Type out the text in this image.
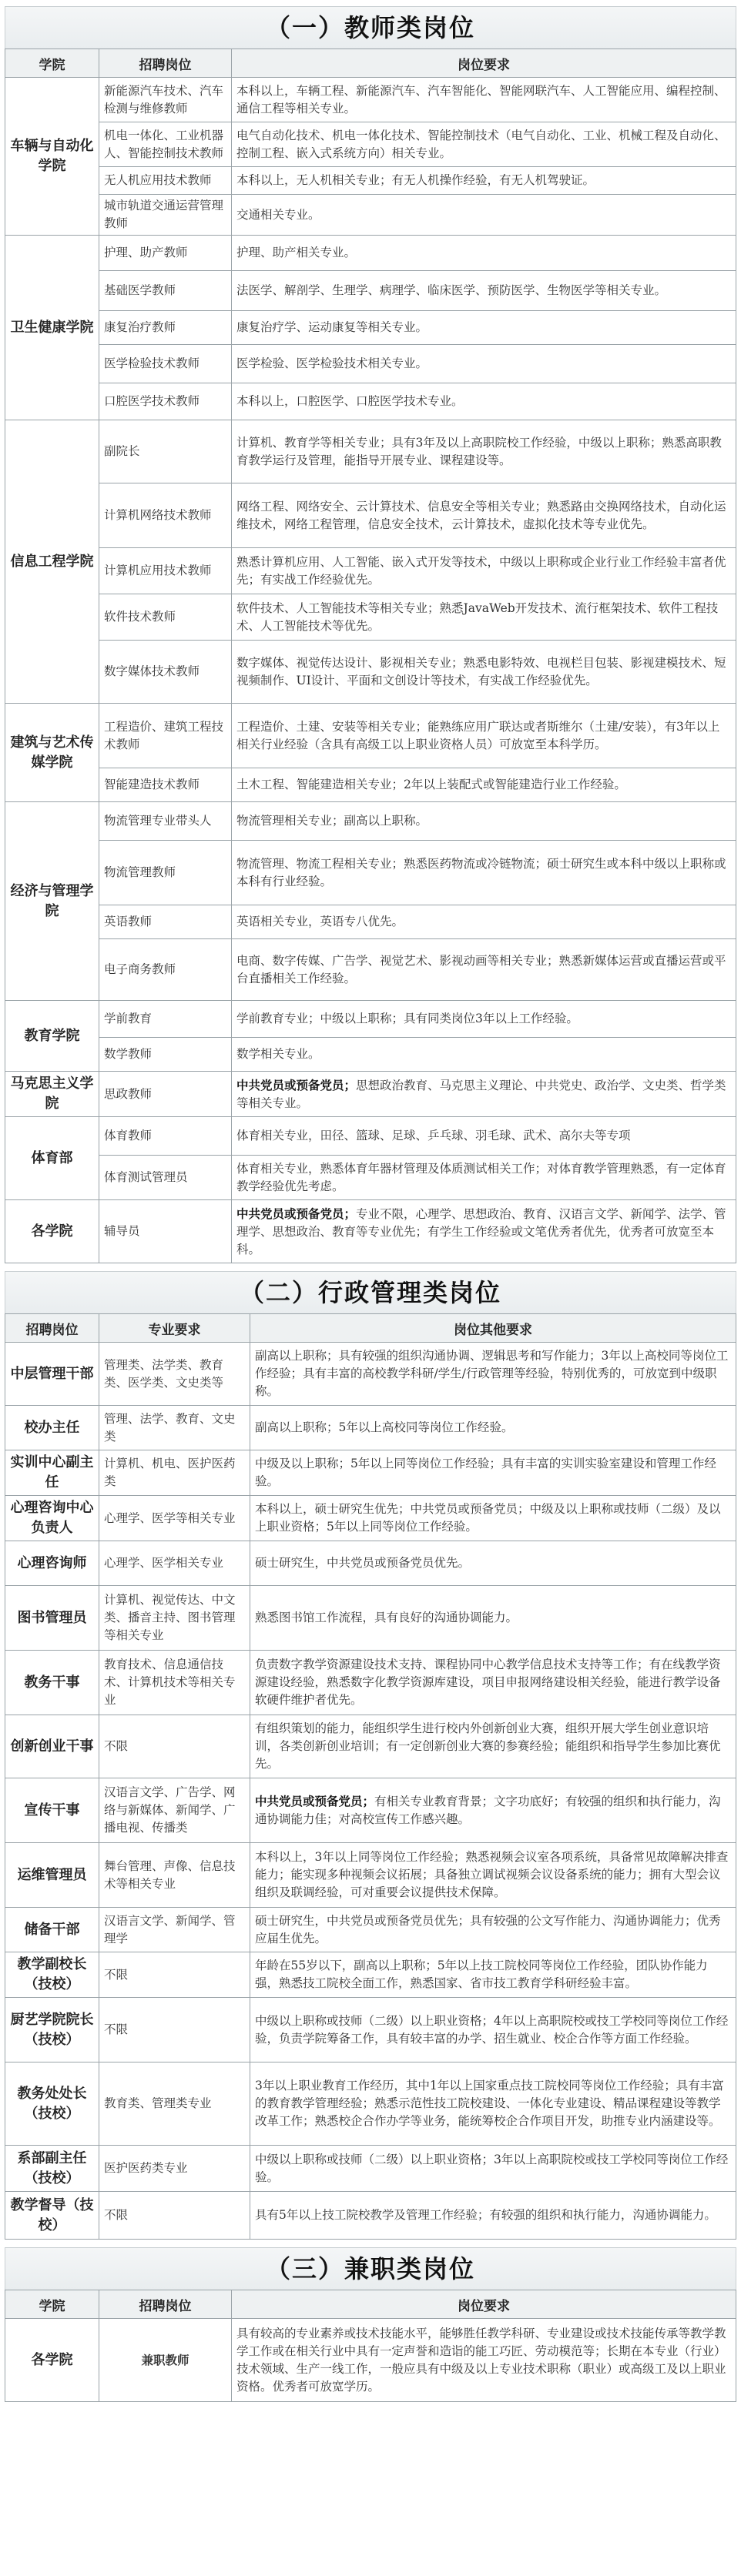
（一）教师类岗位
学院	招聘岗位	岗位要求
车辆与自动化学院	新能源汽车技术、汽车检测与维修教师	本科以上，车辆工程、新能源汽车、汽车智能化、智能网联汽车、人工智能应用、编程控制、通信工程等相关专业。
	机电一体化、工业机器人、智能控制技术教师	电气自动化技术、机电一体化技术、智能控制技术（电气自动化、工业、机械工程及自动化、控制工程、嵌入式系统方向）相关专业。
	无人机应用技术教师	本科以上，无人机相关专业；有无人机操作经验，有无人机驾驶证。
	城市轨道交通运营管理教师	交通相关专业。
卫生健康学院	护理、助产教师	护理、助产相关专业。
	基础医学教师	法医学、解剖学、生理学、病理学、临床医学、预防医学、生物医学等相关专业。
	康复治疗教师	康复治疗学、运动康复等相关专业。
	医学检验技术教师	医学检验、医学检验技术相关专业。
	口腔医学技术教师	本科以上，口腔医学、口腔医学技术专业。
信息工程学院	副院长	计算机、教育学等相关专业；具有3年及以上高职院校工作经验，中级以上职称；熟悉高职教育教学运行及管理，能指导开展专业、课程建设等。
	计算机网络技术教师	网络工程、网络安全、云计算技术、信息安全等相关专业；熟悉路由交换网络技术，自动化运维技术，网络工程管理，信息安全技术，云计算技术，虚拟化技术等专业优先。
	计算机应用技术教师	熟悉计算机应用、人工智能、嵌入式开发等技术，中级以上职称或企业行业工作经验丰富者优先；有实战工作经验优先。
	软件技术教师	软件技术、人工智能技术等相关专业；熟悉JavaWeb开发技术、流行框架技术、软件工程技术、人工智能技术等优先。
	数字媒体技术教师	数字媒体、视觉传达设计、影视相关专业；熟悉电影特效、电视栏目包装、影视建模技术、短视频制作、UI设计、平面和文创设计等技术，有实战工作经验优先。
建筑与艺术传媒学院	工程造价、建筑工程技术教师	工程造价、土建、安装等相关专业；能熟练应用广联达或者斯维尔（土建/安装），有3年以上相关行业经验（含具有高级工以上职业资格人员）可放宽至本科学历。
	智能建造技术教师	土木工程、智能建造相关专业；2年以上装配式或智能建造行业工作经验。
经济与管理学院	物流管理专业带头人	物流管理相关专业；副高以上职称。
	物流管理教师	物流管理、物流工程相关专业；熟悉医药物流或冷链物流；硕士研究生或本科中级以上职称或本科有行业经验。
	英语教师	英语相关专业，英语专八优先。
	电子商务教师	电商、数字传媒、广告学、视觉艺术、影视动画等相关专业；熟悉新媒体运营或直播运营或平台直播相关工作经验。
教育学院	学前教育	学前教育专业；中级以上职称；具有同类岗位3年以上工作经验。
	数学教师	数学相关专业。
马克思主义学院	思政教师	中共党员或预备党员；思想政治教育、马克思主义理论、中共党史、政治学、文史类、哲学类等相关专业。
体育部	体育教师	体育相关专业，田径、篮球、足球、乒乓球、羽毛球、武术、高尔夫等专项
	体育测试管理员	体育相关专业，熟悉体育年器材管理及体质测试相关工作；对体育教学管理熟悉，有一定体育教学经验优先考虑。
各学院	辅导员	中共党员或预备党员；专业不限，心理学、思想政治、教育、汉语言文学、新闻学、法学、管理学、思想政治、教育等专业优先；有学生工作经验或文笔优秀者优先，优秀者可放宽至本科。
（二）行政管理类岗位
招聘岗位	专业要求	岗位其他要求
中层管理干部	管理类、法学类、教育类、医学类、文史类等	副高以上职称；具有较强的组织沟通协调、逻辑思考和写作能力；3年以上高校同等岗位工作经验；具有丰富的高校教学科研/学生/行政管理等经验，特别优秀的，可放宽到中级职称。
校办主任	管理、法学、教育、文史类	副高以上职称；5年以上高校同等岗位工作经验。
实训中心副主任	计算机、机电、医护医药类	中级及以上职称；5年以上同等岗位工作经验；具有丰富的实训实验室建设和管理工作经验。
心理咨询中心负责人	心理学、医学等相关专业	本科以上，硕士研究生优先；中共党员或预备党员；中级及以上职称或技师（二级）及以上职业资格；5年以上同等岗位工作经验。
心理咨询师	心理学、医学相关专业	硕士研究生，中共党员或预备党员优先。
图书管理员	计算机、视觉传达、中文类、播音主持、图书管理等相关专业	熟悉图书馆工作流程，具有良好的沟通协调能力。
教务干事	教育技术、信息通信技术、计算机技术等相关专业	负责数字教学资源建设技术支持、课程协同中心教学信息技术支持等工作；有在线教学资源建设经验，熟悉数字化教学资源库建设，项目申报网络建设相关经验，能进行教学设备软硬件维护者优先。
创新创业干事	不限	有组织策划的能力，能组织学生进行校内外创新创业大赛，组织开展大学生创业意识培训，各类创新创业培训；有一定创新创业大赛的参赛经验；能组织和指导学生参加比赛优先。
宣传干事	汉语言文学、广告学、网络与新媒体、新闻学、广播电视、传播类	中共党员或预备党员；有相关专业教育背景；文字功底好；有较强的组织和执行能力，沟通协调能力佳；对高校宣传工作感兴趣。
运维管理员	舞台管理、声像、信息技术等相关专业	本科以上，3年以上同等岗位工作经验；熟悉视频会议室各项系统，具备常见故障解决排查能力；能实现多种视频会议拓展；具备独立调试视频会议设备系统的能力；拥有大型会议组织及联调经验，可对重要会议提供技术保障。
储备干部	汉语言文学、新闻学、管理学	硕士研究生，中共党员或预备党员优先；具有较强的公文写作能力、沟通协调能力；优秀应届生优先。
教学副校长（技校）	不限	年龄在55岁以下，副高以上职称；5年以上技工院校同等岗位工作经验，团队协作能力强，熟悉技工院校全面工作，熟悉国家、省市技工教育学科研经验丰富。
厨艺学院院长（技校）	不限	中级以上职称或技师（二级）以上职业资格；4年以上高职院校或技工学校同等岗位工作经验，负责学院筹备工作，具有较丰富的办学、招生就业、校企合作等方面工作经验。
教务处处长（技校）	教育类、管理类专业	3年以上职业教育工作经历，其中1年以上国家重点技工院校同等岗位工作经验；具有丰富的教育教学管理经验；熟悉示范性技工院校建设、一体化专业建设、精品课程建设等教学改革工作；熟悉校企合作办学等业务，能统筹校企合作项目开发，助推专业内涵建设等。
系部副主任（技校）	医护医药类专业	中级以上职称或技师（二级）以上职业资格；3年以上高职院校或技工学校同等岗位工作经验。
教学督导（技校）	不限	具有5年以上技工院校教学及管理工作经验；有较强的组织和执行能力，沟通协调能力。
（三）兼职类岗位
学院	招聘岗位	岗位要求
各学院	兼职教师	具有较高的专业素养或技术技能水平，能够胜任教学科研、专业建设或技术技能传承等教学教学工作或在相关行业中具有一定声誉和造诣的能工巧匠、劳动模范等；长期在本专业（行业）技术领域、生产一线工作，一般应具有中级及以上专业技术职称（职业）或高级工及以上职业资格。优秀者可放宽学历。
